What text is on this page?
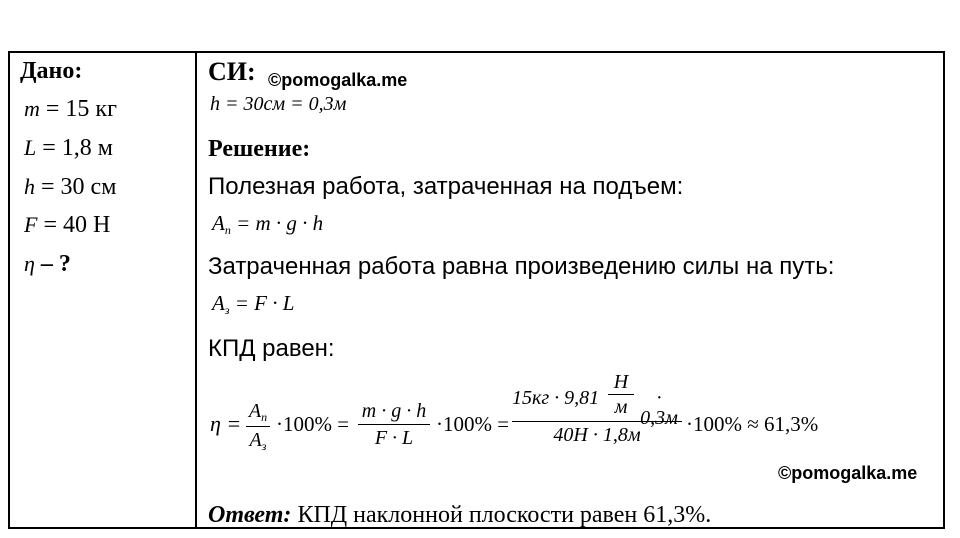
Дано:
m = 15 кг
L = 1,8 м
h = 30 см
F = 40 Н
η – ?
СИ: ©pomogalka.me
h = 30см = 0,3м
Решение:
Полезная работа, затраченная на подъем:
$A_п = m \cdot g \cdot h$
Затраченная работа равна произведению силы на путь:
$A_з = F \cdot L$
КПД равен:
$\eta = A_п$
$A_з$
·100% =
m · g · h
F · L
·100% =
15кг · 9,81
Н
м	· 0,3м
40Н · 1,8м	·100% ≈ 61,3%
©pomogalka.me
Ответ: КПД наклонной плоскости равен 61,3%.
